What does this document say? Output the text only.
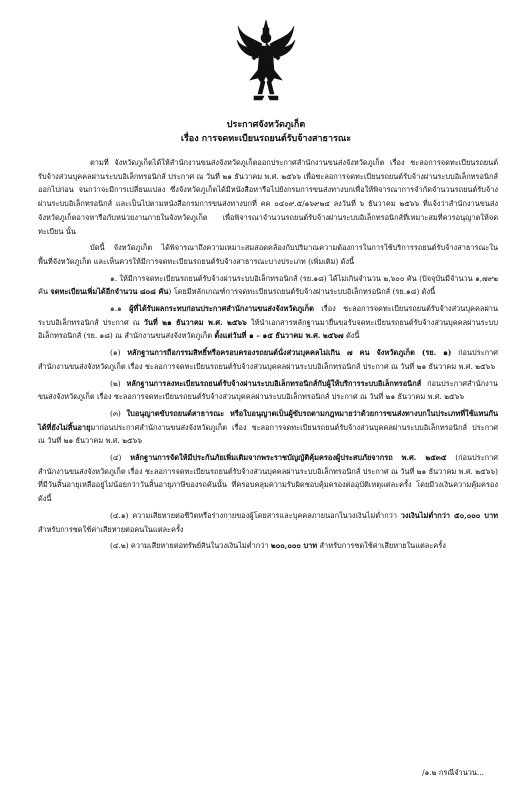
ประกาศจังหวัดภูเก็ต
เรื่อง การจดทะเบียนรถยนต์รับจ้างสาธารณะ

ตามที่ จังหวัดภูเก็ตได้ให้สำนักงานขนส่งจังหวัดภูเก็ตออกประกาศสำนักงานขนส่งจังหวัดภูเก็ต เรื่อง ชะลอการจดทะเบียนรถยนต์รับจ้างส่วนบุคคลผ่านระบบอิเล็กทรอนิกส์ ประกาศ ณ วันที่ ๒๑ ธันวาคม พ.ศ. ๒๕๖๖ เพื่อชะลอการจดทะเบียนรถยนต์รับจ้างผ่านระบบอิเล็กทรอนิกส์ออกไปก่อน จนกว่าจะมีการเปลี่ยนแปลง ซึ่งจังหวัดภูเก็ตได้มีหนังสือหารือไปยังกรมการขนส่งทางบกเพื่อให้พิจารณาการจำกัดจำนวนรถยนต์รับจ้างผ่านระบบอิเล็กทรอนิกส์ และเป็นไปตามหนังสือกรมการขนส่งทางบกที่ คค ๐๔๐๙.๕/๑๖๙๒๔ ลงวันที่ ๖ ธันวาคม ๒๕๖๖ ที่แจ้งว่าสำนักงานขนส่งจังหวัดภูเก็ตอาจหารือกับหน่วยงานภายในจังหวัดภูเก็ต เพื่อพิจารณาจำนวนรถยนต์รับจ้างผ่านระบบอิเล็กทรอนิกส์ที่เหมาะสมที่ควรอนุญาตให้จดทะเบียน นั้น

บัดนี้ จังหวัดภูเก็ต ได้พิจารณาถึงความเหมาะสมสอดคล้องกับปริมาณความต้องการในการใช้บริการรถยนต์รับจ้างสาธารณะในพื้นที่จังหวัดภูเก็ต และเห็นควรให้มีการจดทะเบียนรถยนต์รับจ้างสาธารณะบางประเภท (เพิ่มเติม) ดังนี้

๑. ให้มีการจดทะเบียนรถยนต์รับจ้างผ่านระบบอิเล็กทรอนิกส์ (รย.๑๘) ได้ไม่เกินจำนวน ๒,๖๐๐ คัน (ปัจจุบันมีจำนวน ๑,๗๙๒ คัน จดทะเบียนเพิ่มได้อีกจำนวน ๘๐๘ คัน) โดยมีหลักเกณฑ์การจดทะเบียนรถยนต์รับจ้างผ่านระบบอิเล็กทรอนิกส์ (รย.๑๘) ดังนี้

๑.๑ ผู้ที่ได้รับผลกระทบก่อนประกาศสำนักงานขนส่งจังหวัดภูเก็ต เรื่อง ชะลอการจดทะเบียนรถยนต์รับจ้างส่วนบุคคลผ่านระบบอิเล็กทรอนิกส์ ประกาศ ณ วันที่ ๒๑ ธันวาคม พ.ศ. ๒๕๖๖ ให้นำเอกสารหลักฐานมายื่นขอรับจดทะเบียนรถยนต์รับจ้างส่วนบุคคลผ่านระบบอิเล็กทรอนิกส์ (รย. ๑๘) ณ สำนักงานขนส่งจังหวัดภูเก็ต ตั้งแต่วันที่ ๑ – ๑๕ ธันวาคม พ.ศ. ๒๕๖๗ ดังนี้

(๑) หลักฐานการถือกรรมสิทธิ์หรือครอบครองรถยนต์นั่งส่วนบุคคลไม่เกิน ๗ คน จังหวัดภูเก็ต (รย. ๑) ก่อนประกาศสำนักงานขนส่งจังหวัดภูเก็ต เรื่อง ชะลอการจดทะเบียนรถยนต์รับจ้างส่วนบุคคลผ่านระบบอิเล็กทรอนิกส์ ประกาศ ณ วันที่ ๒๑ ธันวาคม พ.ศ. ๒๕๖๖

(๒) หลักฐานการลงทะเบียนรถยนต์รับจ้างผ่านระบบอิเล็กทรอนิกส์กับผู้ให้บริการระบบอิเล็กทรอนิกส์ ก่อนประกาศสำนักงานขนส่งจังหวัดภูเก็ต เรื่อง ชะลอการจดทะเบียนรถยนต์รับจ้างส่วนบุคคลผ่านระบบอิเล็กทรอนิกส์ ประกาศ ณ วันที่ ๒๑ ธันวาคม พ.ศ. ๒๕๖๖

(๓) ใบอนุญาตขับรถยนต์สาธารณะ หรือใบอนุญาตเป็นผู้ขับรถตามกฎหมายว่าด้วยการขนส่งทางบกในประเภทที่ใช้แทนกันได้ที่ยังไม่สิ้นอายุมาก่อนประกาศสำนักงานขนส่งจังหวัดภูเก็ต เรื่อง ชะลอการจดทะเบียนรถยนต์รับจ้างส่วนบุคคลผ่านระบบอิเล็กทรอนิกส์ ประกาศ ณ วันที่ ๒๑ ธันวาคม พ.ศ. ๒๕๖๖

(๔) หลักฐานการจัดให้มีประกันภัยเพิ่มเติมจากพระราชบัญญัติคุ้มครองผู้ประสบภัยจากรถ พ.ศ. ๒๕๓๕ (ก่อนประกาศสำนักงานขนส่งจังหวัดภูเก็ต เรื่อง ชะลอการจดทะเบียนรถยนต์รับจ้างส่วนบุคคลผ่านระบบอิเล็กทรอนิกส์ ประกาศ ณ วันที่ ๒๑ ธันวาคม พ.ศ. ๒๕๖๖) ที่มีวันสิ้นอายุเหลืออยู่ไม่น้อยกว่าวันสิ้นอายุภาษีของรถคันนั้น ที่ครอบคลุมความรับผิดชอบคุ้มครองต่ออุบัติเหตุแต่ละครั้ง โดยมีวงเงินความคุ้มครอง ดังนี้

(๔.๑) ความเสียหายต่อชีวิตหรือร่างกายของผู้โดยสารและบุคคลภายนอกในวงเงินไม่ต่ำกว่า วงเงินไม่ต่ำกว่า ๕๐,๐๐๐ บาท สำหรับการชดใช้ค่าเสียหายต่อคนในแต่ละครั้ง

(๔.๒) ความเสียหายต่อทรัพย์สินในวงเงินไม่ต่ำกว่า ๒๐๐,๐๐๐ บาท สำหรับการชดใช้ค่าเสียหายในแต่ละครั้ง

/๑.๒ กรณีจำนวน...
